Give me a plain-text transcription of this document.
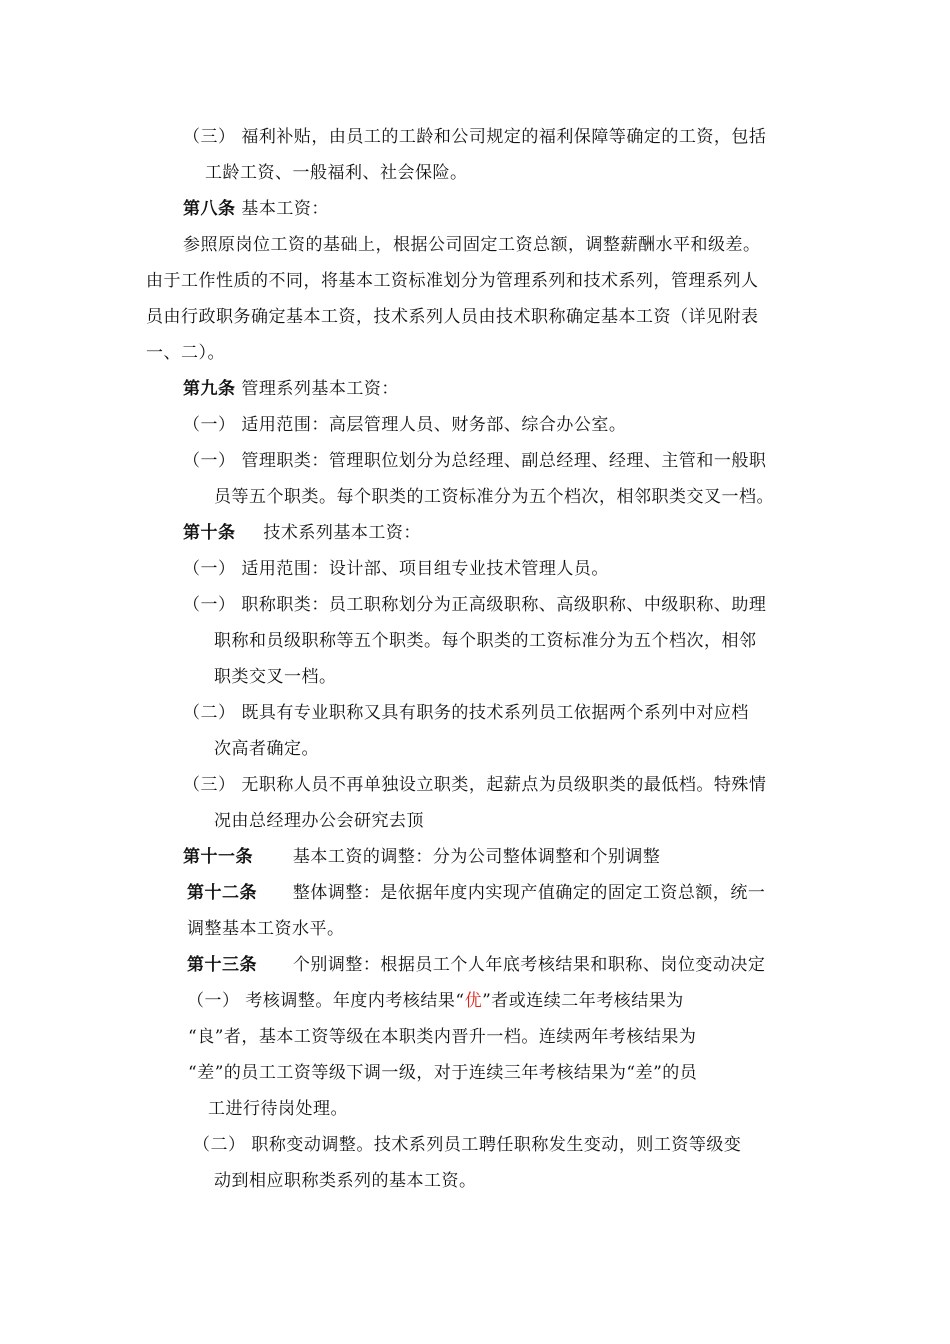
（三） 福利补贴，由员工的工龄和公司规定的福利保障等确定的工资，包括
工龄工资、一般福利、社会保险。
第八条 基本工资：
参照原岗位工资的基础上，根据公司固定工资总额，调整薪酬水平和级差。
由于工作性质的不同，将基本工资标准划分为管理系列和技术系列，管理系列人
员由行政职务确定基本工资，技术系列人员由技术职称确定基本工资（详见附表
一、二）。
第九条 管理系列基本工资：
（一） 适用范围：高层管理人员、财务部、综合办公室。
（一） 管理职类：管理职位划分为总经理、副总经理、经理、主管和一般职
员等五个职类。每个职类的工资标准分为五个档次，相邻职类交叉一档。
第十条 技术系列基本工资：
（一） 适用范围：设计部、项目组专业技术管理人员。
（一） 职称职类：员工职称划分为正高级职称、高级职称、中级职称、助理
职称和员级职称等五个职类。每个职类的工资标准分为五个档次，相邻
职类交叉一档。
（二） 既具有专业职称又具有职务的技术系列员工依据两个系列中对应档
次高者确定。
（三） 无职称人员不再单独设立职类，起薪点为员级职类的最低档。特殊情
况由总经理办公会研究去顶
第十一条 基本工资的调整：分为公司整体调整和个别调整
第十二条 整体调整：是依据年度内实现产值确定的固定工资总额，统一
调整基本工资水平。
第十三条 个别调整：根据员工个人年底考核结果和职称、岗位变动决定
（一） 考核调整。年度内考核结果“优”者或连续二年考核结果为
“良”者，基本工资等级在本职类内晋升一档。连续两年考核结果为
“差”的员工工资等级下调一级，对于连续三年考核结果为“差”的员
工进行待岗处理。
（二） 职称变动调整。技术系列员工聘任职称发生变动，则工资等级变
动到相应职称类系列的基本工资。
